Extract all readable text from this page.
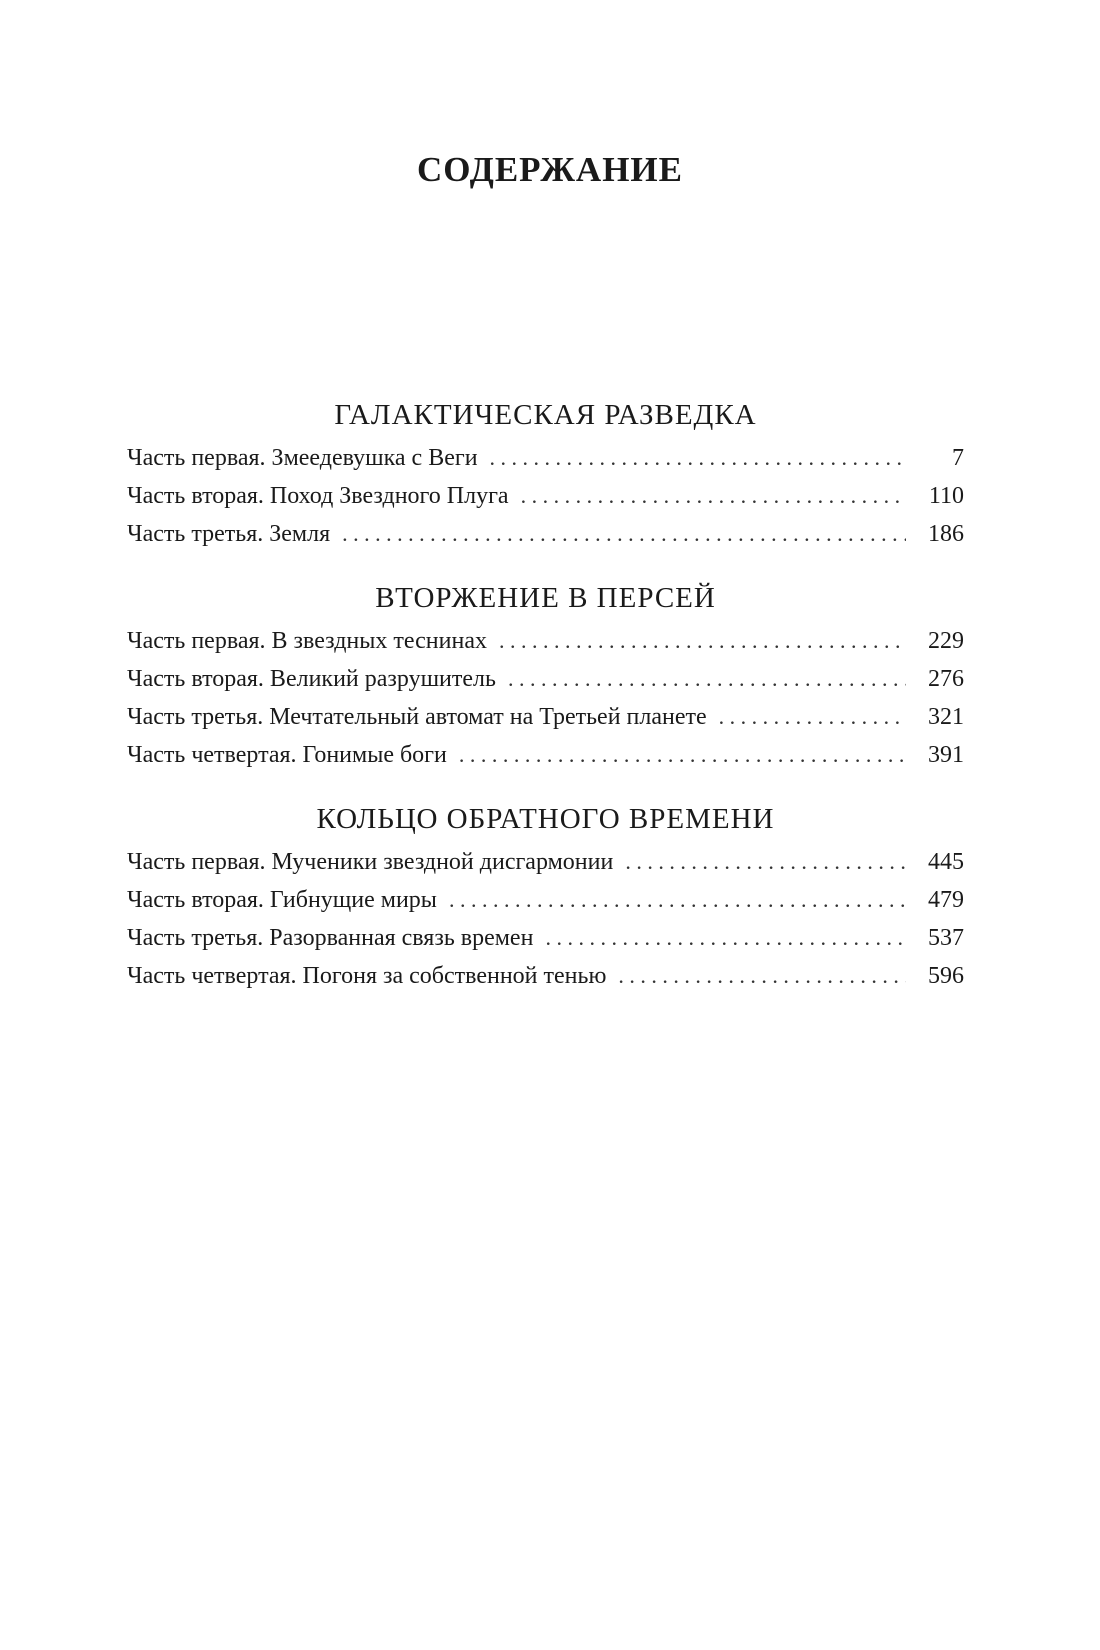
СОДЕРЖАНИЕ
ГАЛАКТИЧЕСКАЯ РАЗВЕДКА
Часть первая. Змеедевушка с Веги . . .	7
Часть вторая. Поход Звездного Плуга . . .	110
Часть третья. Земля . . .	186
ВТОРЖЕНИЕ В ПЕРСЕЙ
Часть первая. В звездных теснинах . . .	229
Часть вторая. Великий разрушитель . . .	276
Часть третья. Мечтательный автомат на Третьей планете . . .	321
Часть четвертая. Гонимые боги . . .	391
КОЛЬЦО ОБРАТНОГО ВРЕМЕНИ
Часть первая. Мученики звездной дисгармонии . . .	445
Часть вторая. Гибнущие миры . . .	479
Часть третья. Разорванная связь времен . . .	537
Часть четвертая. Погоня за собственной тенью . . .	596
